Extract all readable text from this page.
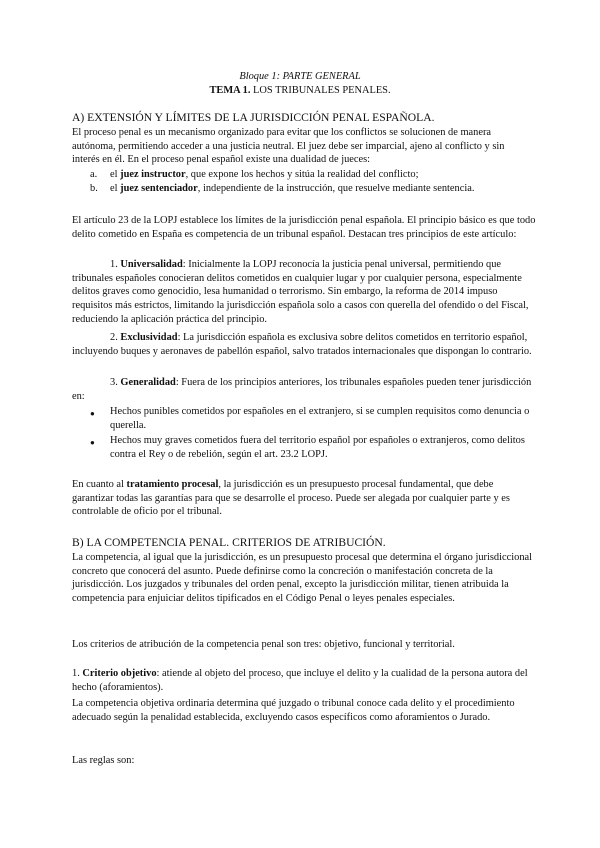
Bloque 1: PARTE GENERAL

TEMA 1. LOS TRIBUNALES PENALES.

A) EXTENSIÓN Y LÍMITES DE LA JURISDICCIÓN PENAL ESPAÑOLA.

El proceso penal es un mecanismo organizado para evitar que los conflictos se solucionen de manera autónoma, permitiendo acceder a una justicia neutral. El juez debe ser imparcial, ajeno al conflicto y sin interés en él. En el proceso penal español existe una dualidad de jueces:

a. el juez instructor, que expone los hechos y sitúa la realidad del conflicto;

b. el juez sentenciador, independiente de la instrucción, que resuelve mediante sentencia.

El artículo 23 de la LOPJ establece los límites de la jurisdicción penal española. El principio básico es que todo delito cometido en España es competencia de un tribunal español. Destacan tres principios de este artículo:

1. Universalidad: Inicialmente la LOPJ reconocía la justicia penal universal, permitiendo que tribunales españoles conocieran delitos cometidos en cualquier lugar y por cualquier persona, especialmente delitos graves como genocidio, lesa humanidad o terrorismo. Sin embargo, la reforma de 2014 impuso requisitos más estrictos, limitando la jurisdicción española solo a casos con querella del ofendido o del Fiscal, reduciendo la aplicación práctica del principio.

2. Exclusividad: La jurisdicción española es exclusiva sobre delitos cometidos en territorio español, incluyendo buques y aeronaves de pabellón español, salvo tratados internacionales que dispongan lo contrario.

3. Generalidad: Fuera de los principios anteriores, los tribunales españoles pueden tener jurisdicción en:

● Hechos punibles cometidos por españoles en el extranjero, si se cumplen requisitos como denuncia o querella.

● Hechos muy graves cometidos fuera del territorio español por españoles o extranjeros, como delitos contra el Rey o de rebelión, según el art. 23.2 LOPJ.

En cuanto al tratamiento procesal, la jurisdicción es un presupuesto procesal fundamental, que debe garantizar todas las garantías para que se desarrolle el proceso. Puede ser alegada por cualquier parte y es controlable de oficio por el tribunal.

B) LA COMPETENCIA PENAL. CRITERIOS DE ATRIBUCIÓN.

La competencia, al igual que la jurisdicción, es un presupuesto procesal que determina el órgano jurisdiccional concreto que conocerá del asunto. Puede definirse como la concreción o manifestación concreta de la jurisdicción. Los juzgados y tribunales del orden penal, excepto la jurisdicción militar, tienen atribuida la competencia para enjuiciar delitos tipificados en el Código Penal o leyes penales especiales.

Los criterios de atribución de la competencia penal son tres: objetivo, funcional y territorial.

1. Criterio objetivo: atiende al objeto del proceso, que incluye el delito y la cualidad de la persona autora del hecho (aforamientos).

La competencia objetiva ordinaria determina qué juzgado o tribunal conoce cada delito y el procedimiento adecuado según la penalidad establecida, excluyendo casos específicos como aforamientos o Jurado.

Las reglas son:
